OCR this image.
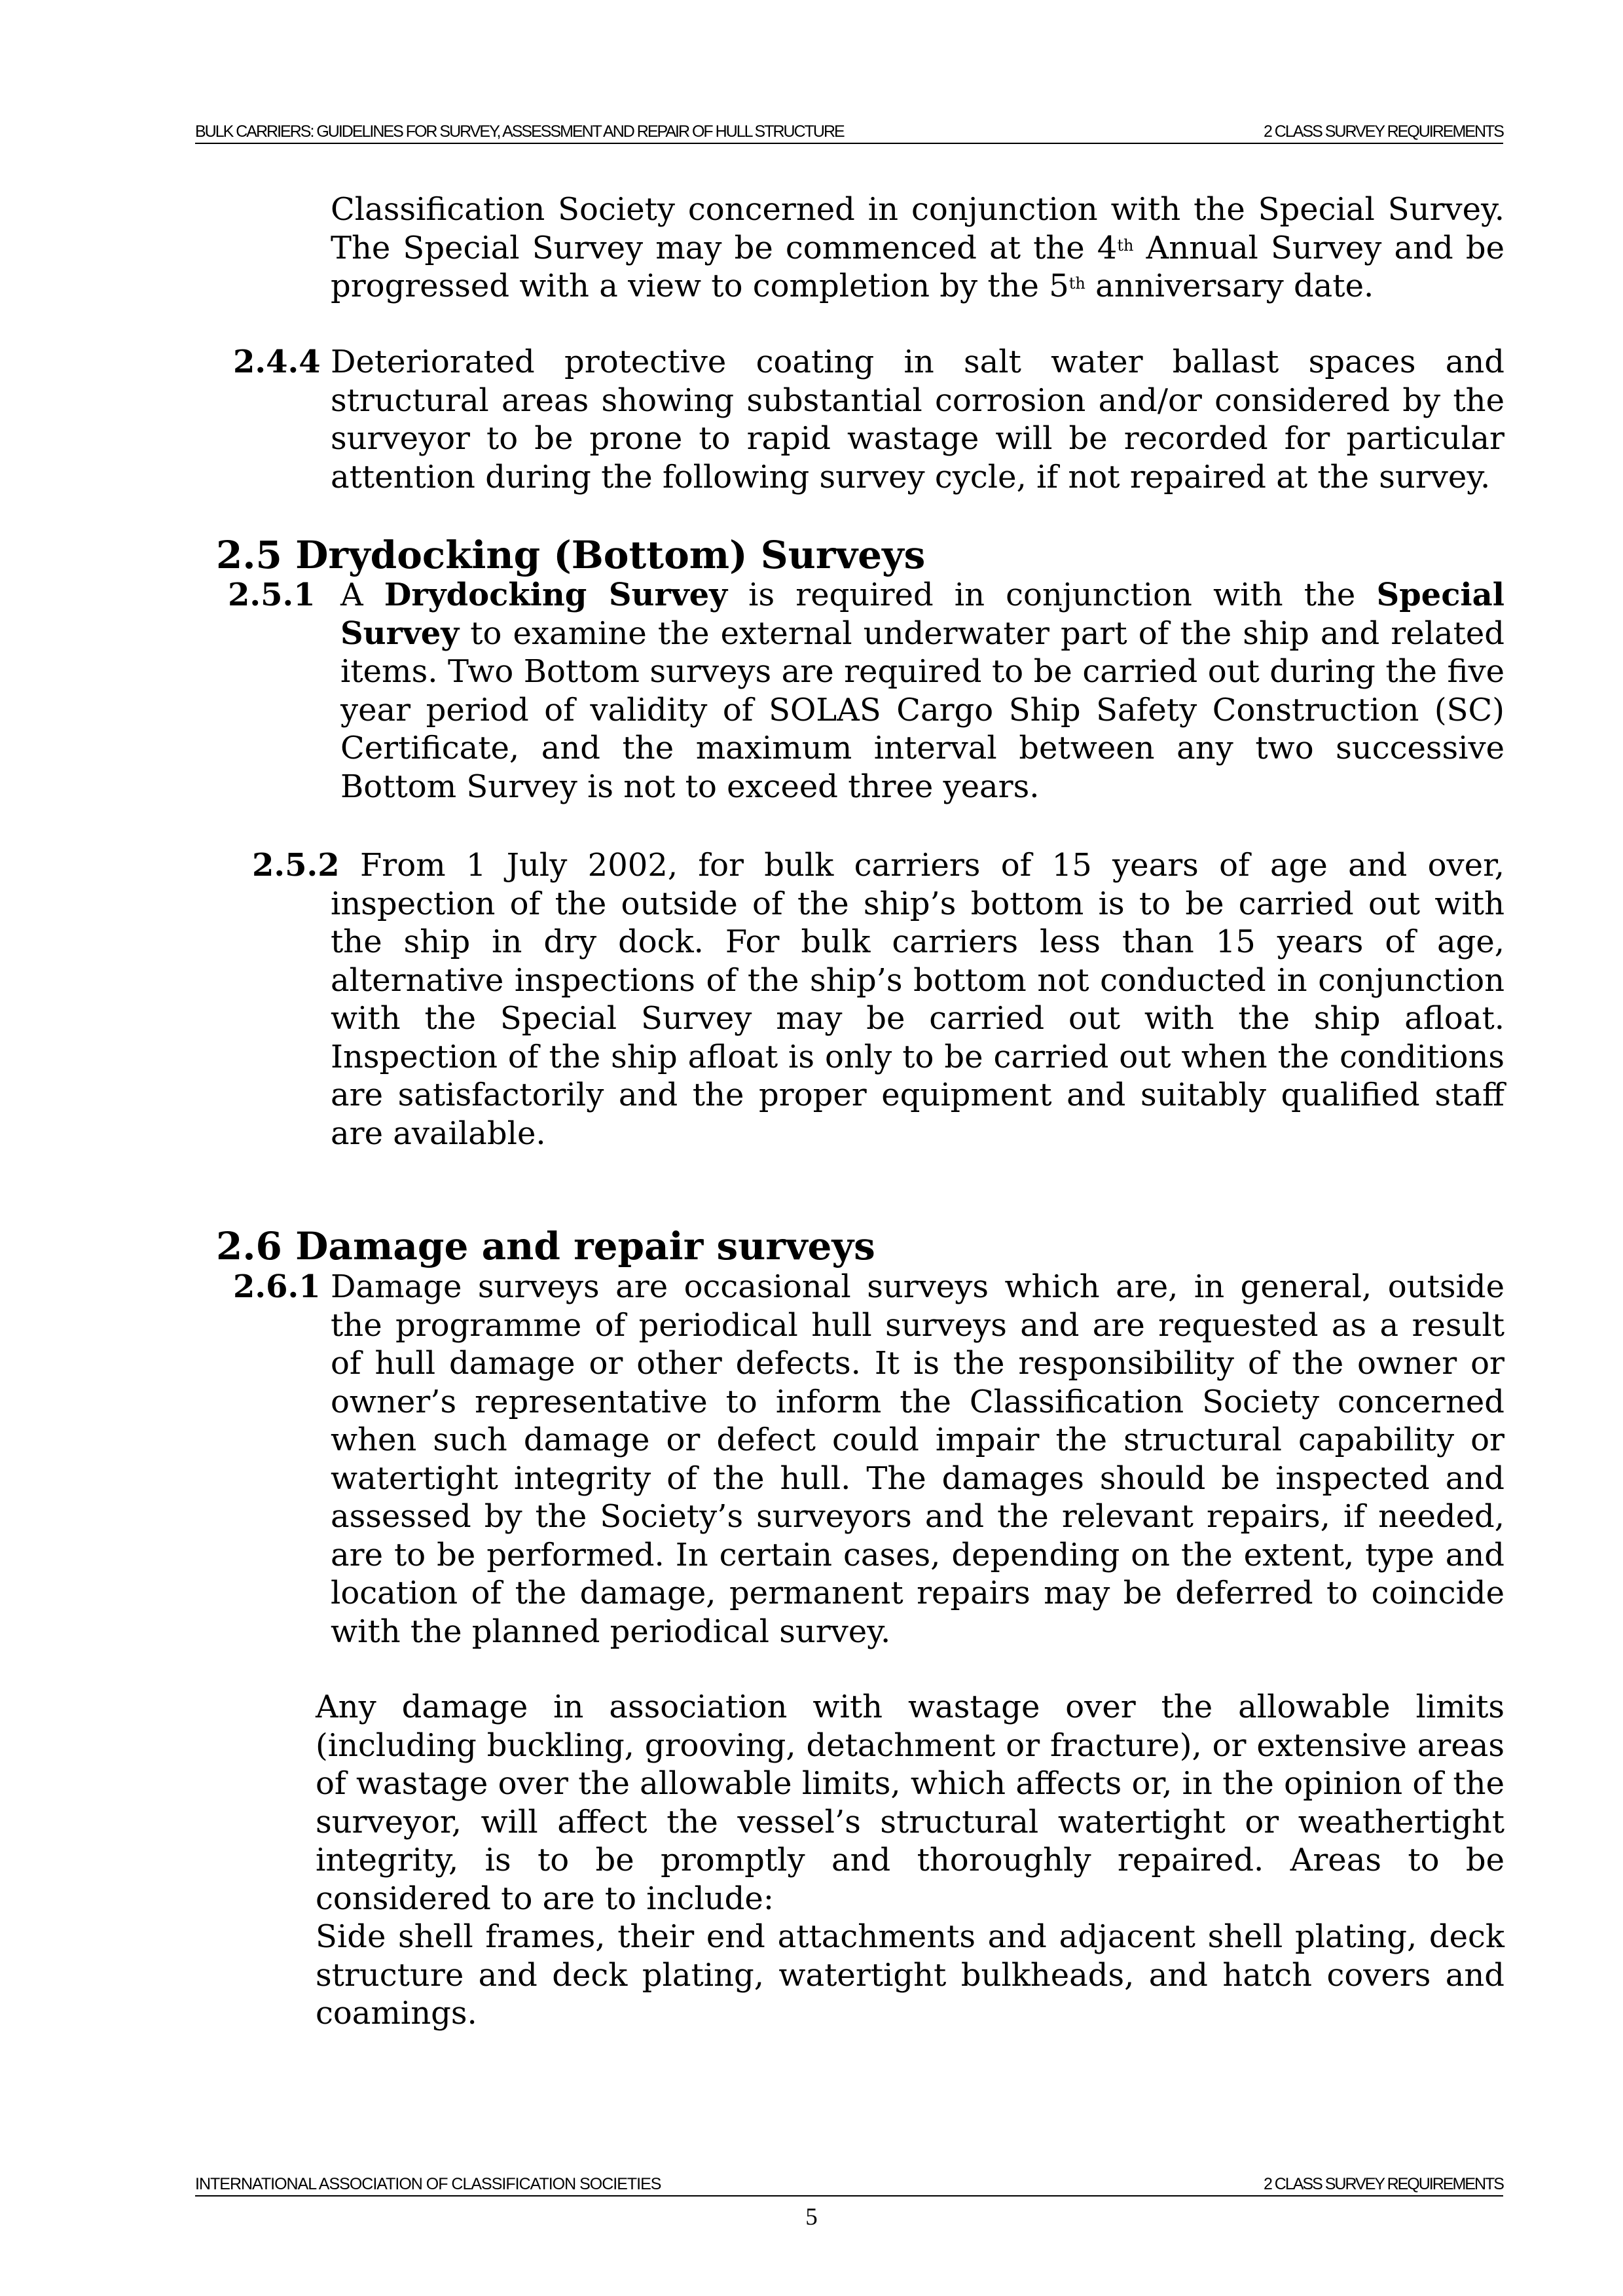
BULK CARRIERS: GUIDELINES FOR SURVEY, ASSESSMENT AND REPAIR OF HULL STRUCTURE	2 CLASS SURVEY REQUIREMENTS

Classification Society concerned in conjunction with the Special Survey. The Special Survey may be commenced at the 4th Annual Survey and be progressed with a view to completion by the 5th anniversary date.

2.4.4 Deteriorated protective coating in salt water ballast spaces and structural areas showing substantial corrosion and/or considered by the surveyor to be prone to rapid wastage will be recorded for particular attention during the following survey cycle, if not repaired at the survey.

2.5 Drydocking (Bottom) Surveys
2.5.1 A Drydocking Survey is required in conjunction with the Special Survey to examine the external underwater part of the ship and related items. Two Bottom surveys are required to be carried out during the five year period of validity of SOLAS Cargo Ship Safety Construction (SC) Certificate, and the maximum interval between any two successive Bottom Survey is not to exceed three years.

2.5.2 From 1 July 2002, for bulk carriers of 15 years of age and over, inspection of the outside of the ship’s bottom is to be carried out with the ship in dry dock. For bulk carriers less than 15 years of age, alternative inspections of the ship’s bottom not conducted in conjunction with the Special Survey may be carried out with the ship afloat. Inspection of the ship afloat is only to be carried out when the conditions are satisfactorily and the proper equipment and suitably qualified staff are available.

2.6 Damage and repair surveys
2.6.1 Damage surveys are occasional surveys which are, in general, outside the programme of periodical hull surveys and are requested as a result of hull damage or other defects. It is the responsibility of the owner or owner’s representative to inform the Classification Society concerned when such damage or defect could impair the structural capability or watertight integrity of the hull. The damages should be inspected and assessed by the Society’s surveyors and the relevant repairs, if needed, are to be performed. In certain cases, depending on the extent, type and location of the damage, permanent repairs may be deferred to coincide with the planned periodical survey.

Any damage in association with wastage over the allowable limits (including buckling, grooving, detachment or fracture), or extensive areas of wastage over the allowable limits, which affects or, in the opinion of the surveyor, will affect the vessel’s structural watertight or weathertight integrity, is to be promptly and thoroughly repaired. Areas to be considered to are to include:

Side shell frames, their end attachments and adjacent shell plating, deck structure and deck plating, watertight bulkheads, and hatch covers and coamings.

INTERNATIONAL ASSOCIATION OF CLASSIFICATION SOCIETIES	2 CLASS SURVEY REQUIREMENTS
5
